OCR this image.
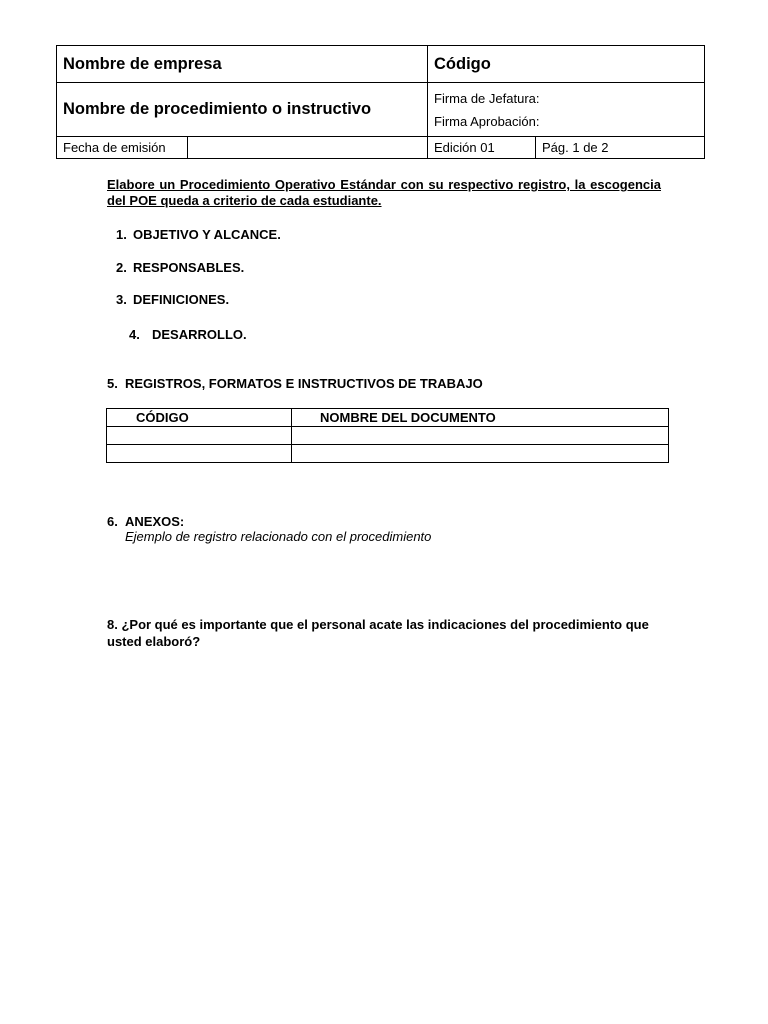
Nombre de empresa		Código	
Nombre de procedimiento o instructivo		Firma de Jefatura:
Firma Aprobación:	

Fecha de emisión		Edición 01	Pág. 1 de 2

Elabore un Procedimiento Operativo Estándar con su respectivo registro, la escogencia del POE queda a criterio de cada estudiante.

1. OBJETIVO Y ALCANCE.

2. RESPONSABLES.

3. DEFINICIONES.

4. DESARROLLO.

5. REGISTROS, FORMATOS E INSTRUCTIVOS DE TRABAJO

CÓDIGO	NOMBRE DEL DOCUMENTO

6. ANEXOS:

Ejemplo de registro relacionado con el procedimiento

8. ¿Por qué es importante que el personal acate las indicaciones del procedimiento que usted elaboró?
